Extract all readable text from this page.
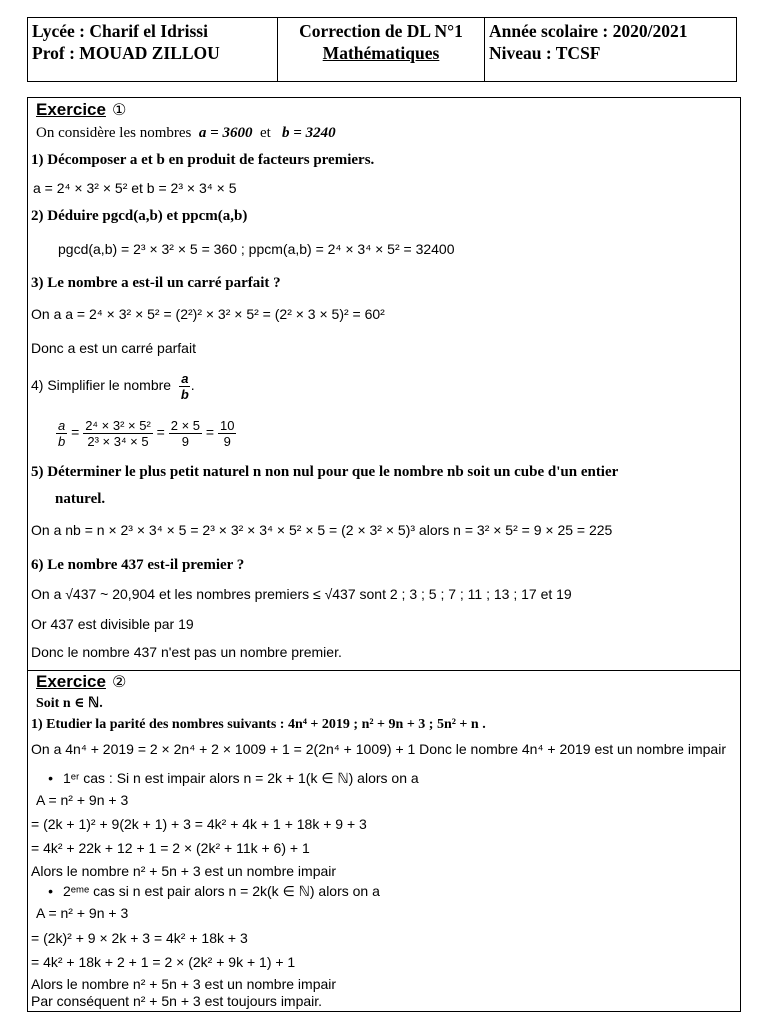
Lycée : Charif el Idrissi
Prof : MOUAD ZILLOU
Correction de DL N°1
Mathématiques
Année scolaire : 2020/2021
Niveau : TCSF
Exercice ①
On considère les nombres a = 3600 et b = 3240
1) Décomposer a et b en produit de facteurs premiers.
a = 2⁴ × 3² × 5² et b = 2³ × 3⁴ × 5
2) Déduire pgcd(a,b) et ppcm(a,b)
pgcd(a,b) = 2³ × 3² × 5 = 360 ; ppcm(a,b) = 2⁴ × 3⁴ × 5² = 32400
3) Le nombre a est-il un carré parfait ?
On a a = 2⁴ × 3² × 5² = (2²)² × 3² × 5² = (2² × 3 × 5)² = 60²
Donc a est un carré parfait
4) Simplifier le nombre $\frac{a}{b}$ .
$\frac{a}{b} = \frac{\text{2⁴ × 3² × 5²}}{\text{2³ × 3⁴ × 5}} = \frac{2 \times 5}{9} = \frac{10}{9}$
5) Déterminer le plus petit naturel n non nul pour que le nombre nb soit un cube d'un entier
naturel.
On a nb = n × 2³ × 3⁴ × 5 = 2³ × 3² × 3⁴ × 5² × 5 = (2 × 3² × 5)³ alors n = 3² × 5² = 9 × 25 = 225
6) Le nombre 437 est-il premier ?
On a √437 ~ 20,904 et les nombres premiers ≤ √437 sont 2 ; 3 ; 5 ; 7 ; 11 ; 13 ; 17 et 19
Or 437 est divisible par 19
Donc le nombre 437 n'est pas un nombre premier.
Exercice ②
Soit n ∈ ℕ.
1) Etudier la parité des nombres suivants : 4n⁴ + 2019 ; n² + 9n + 3 ; 5n² + n .
On a 4n⁴ + 2019 = 2 × 2n⁴ + 2 × 1009 + 1 = 2(2n⁴ + 1009) + 1 Donc le nombre 4n⁴ + 2019 est un nombre impair
• 1ᵉʳ cas : Si n est impair alors n = 2k + 1(k ∈ ℕ) alors on a
A = n² + 9n + 3
= (2k + 1)² + 9(2k + 1) + 3 = 4k² + 4k + 1 + 18k + 9 + 3
= 4k² + 22k + 12 + 1 = 2 × (2k² + 11k + 6) + 1
Alors le nombre n² + 5n + 3 est un nombre impair
• 2ᵉᵐᵉ cas si n est pair alors n = 2k(k ∈ ℕ) alors on a
A = n² + 9n + 3
= (2k)² + 9 × 2k + 3 = 4k² + 18k + 3
= 4k² + 18k + 2 + 1 = 2 × (2k² + 9k + 1) + 1
Alors le nombre n² + 5n + 3 est un nombre impair
Par conséquent n² + 5n + 3 est toujours impair.
